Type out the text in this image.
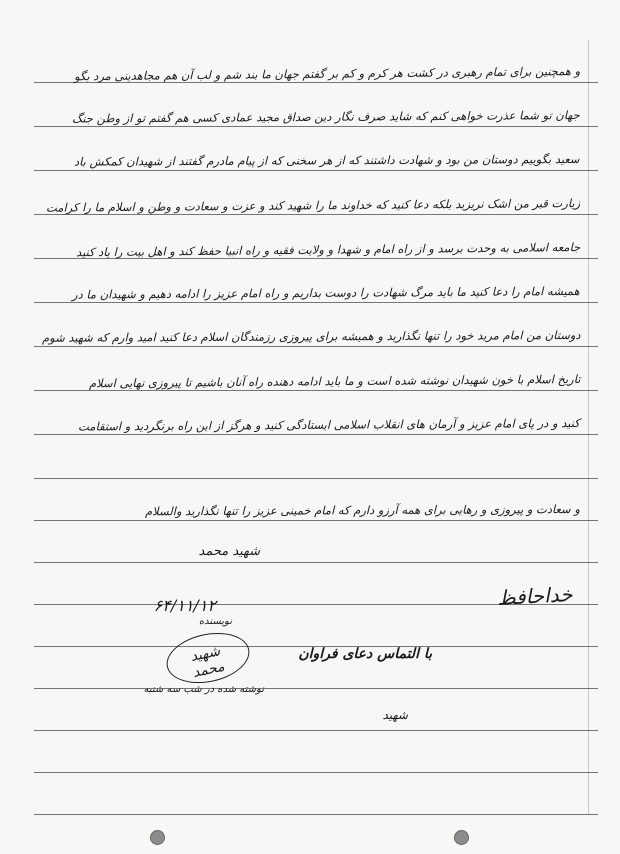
و همچنین برای تمام رهبری در کشت هر کرم و کم بر گفتم جهان ما بند شم و لب آن هم مجاهدینی مرد بگو
جهان تو شما عذرت خواهی کنم که شاید صرف نگار دین صداق مجید عمادی کسی هم گفتم تو از وطن جنگ
سعید بگوییم دوستان من بود و شهادت داشتند که از هر سخنی که از پیام مادرم گفتند از شهیدان کمکش باد
زیارت قبر من اشک نریزید بلکه دعا کنید که خداوند ما را شهید کند و عزت و سعادت و وطن و اسلام ما را کرامت
جامعه اسلامی به وحدت برسد و از راه امام و شهدا و ولایت فقیه و راه انبیا حفظ کند و اهل بیت را یاد کنید
همیشه امام را دعا کنید ما باید مرگ شهادت را دوست بداریم و راه امام عزیز را ادامه دهیم و شهیدان ما در
دوستان من امام مرید خود را تنها نگذارید و همیشه برای پیروزی رزمندگان اسلام دعا کنید امید وارم که شهید شوم
تاریخ اسلام با خون شهیدان نوشته شده است و ما باید ادامه دهنده راه آنان باشیم تا پیروزی نهایی اسلام
کنید و در پای امام عزیز و آرمان های انقلاب اسلامی ایستادگی کنید و هرگز از این راه برنگردید و استقامت
و سعادت و پیروزی و رهایی برای همه آرزو دارم که امام خمینی عزیز را تنها نگذارید والسلام
شهید محمد
خداحافظ
۶۴/۱۱/۱۲
نویسنده
شهید محمد
نوشته شده در شب سه شنبه
با التماس دعای فراوان
شهید
